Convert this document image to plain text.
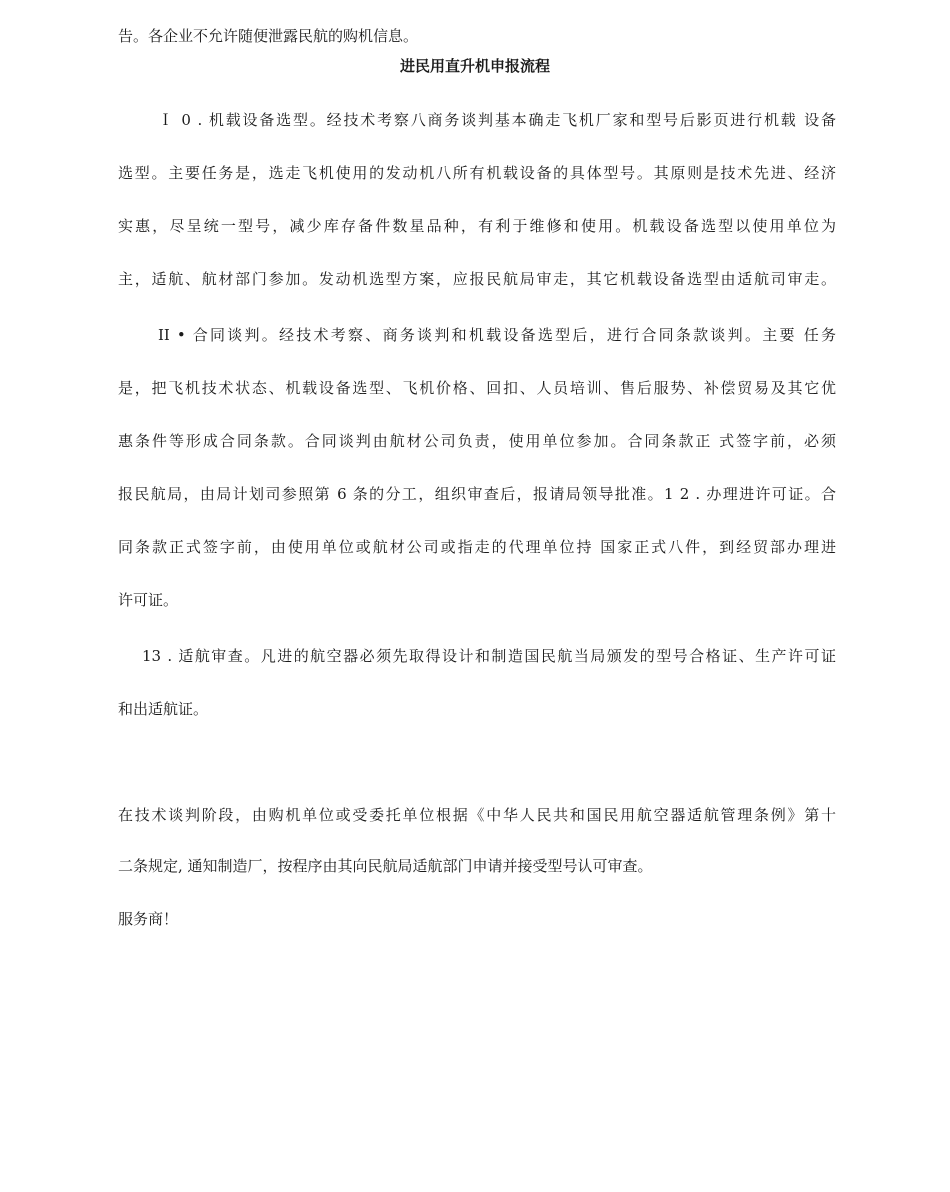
告。各企业不允许随便泄露民航的购机信息。
进民用直升机申报流程
Ｉ 0 . 机载设备选型。经技术考察八商务谈判基本确走飞机厂家和型号后影页进行机载 设备
选型。主要任务是，选走飞机使用的发动机八所有机载设备的具体型号。其原则是技术先进、经济
实惠，尽呈统一型号，减少库存备件数星品种，有利于维修和使用。机载设备选型以使用单位为
主，适航、航材部门参加。发动机选型方案，应报民航局审走，其它机载设备选型由适航司审走。
II • 合同谈判。经技术考察、商务谈判和机载设备选型后，进行合同条款谈判。主要 任务
是，把飞机技术状态、机载设备选型、飞机价格、回扣、人员培训、售后服势、补偿贸易及其它优
惠条件等形成合同条款。合同谈判由航材公司负责，使用单位参加。合同条款正 式签字前，必须
报民航局，由局计划司参照第 6 条的分工，组织审查后，报请局领导批准。1 2 . 办理进许可证。合
同条款正式签字前，由使用单位或航材公司或指走的代理单位持 国家正式八件，到经贸部办理进
许可证。
13 . 适航审查。凡进的航空器必须先取得设计和制造国民航当局颁发的型号合格证、生产许可证
和出适航证。
在技术谈判阶段，由购机单位或受委托单位根据《中华人民共和国民用航空器适航管理条例》第十
二条规定, 通知制造厂，按程序由其向民航局适航部门申请并接受型号认可审查。
服务商！
